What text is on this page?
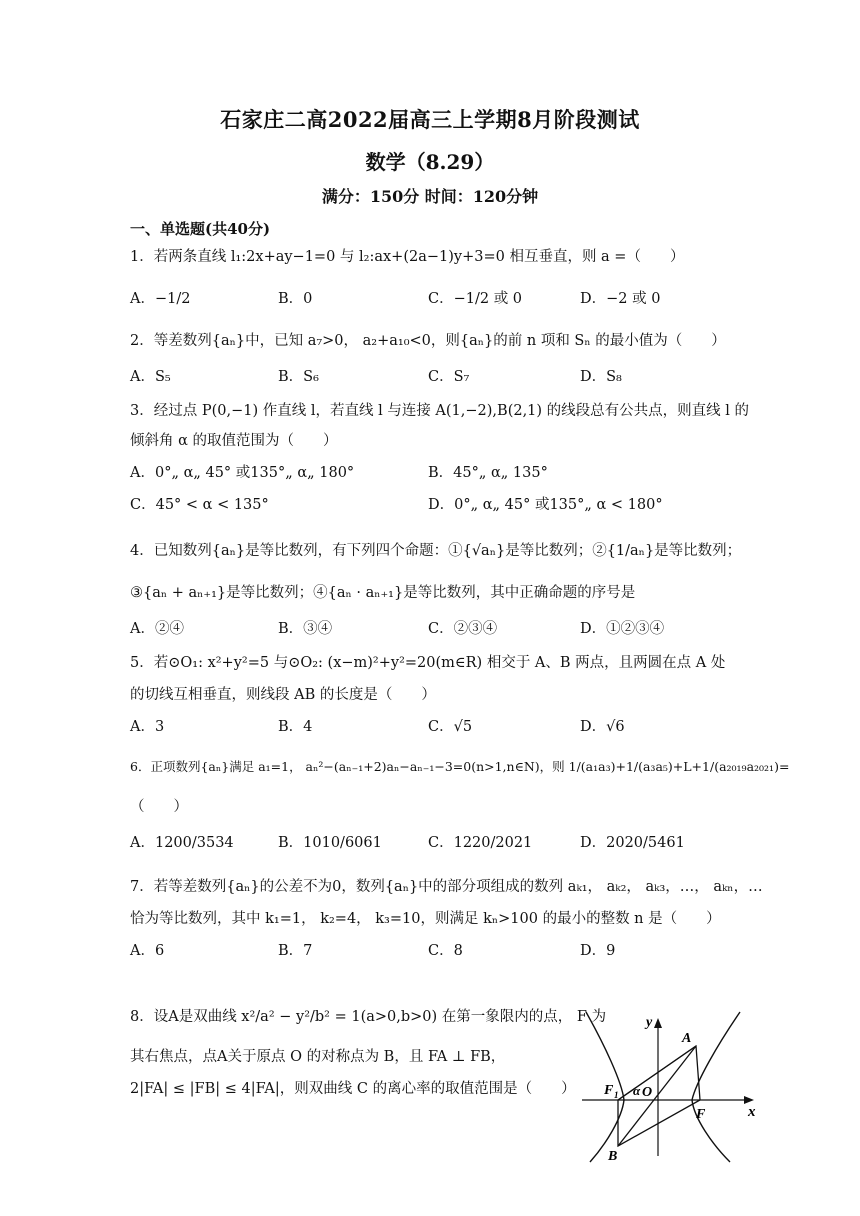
石家庄二高2022届高三上学期8月阶段测试
数学（8.29）
满分：150分 时间：120分钟
一、单选题(共40分)
1．若两条直线 l₁:2x+ay−1=0 与 l₂:ax+(2a−1)y+3=0 相互垂直，则 a =（　　）
A．−1/2	B．0	C．−1/2 或 0	D．−2 或 0
2．等差数列{aₙ}中，已知 a₇>0， a₂+a₁₀<0，则{aₙ}的前 n 项和 Sₙ 的最小值为（　　）
A．S₅	B．S₆	C．S₇	D．S₈
3．经过点 P(0,−1) 作直线 l，若直线 l 与连接 A(1,−2),B(2,1) 的线段总有公共点，则直线 l 的
倾斜角 α 的取值范围为（　　）
A．0°„ α„ 45° 或135°„ α„ 180°	B．45°„ α„ 135°
C．45° < α < 135°	D．0°„ α„ 45° 或135°„ α < 180°
4．已知数列{aₙ}是等比数列，有下列四个命题：①{√aₙ}是等比数列；②{1/aₙ}是等比数列；
③{aₙ + aₙ₊₁}是等比数列；④{aₙ · aₙ₊₁}是等比数列，其中正确命题的序号是
A．②④	B．③④	C．②③④	D．①②③④
5．若⊙O₁: x²+y²=5 与⊙O₂: (x−m)²+y²=20(m∈R) 相交于 A、B 两点，且两圆在点 A 处
的切线互相垂直，则线段 AB 的长度是（　　）
A．3	B．4	C．√5	D．√6
6．正项数列{aₙ}满足 a₁=1， aₙ²−(aₙ₋₁+2)aₙ−aₙ₋₁−3=0(n>1,n∈N)，则 1/(a₁a₃)+1/(a₃a₅)+L+1/(a₂₀₁₉a₂₀₂₁)=
（　　）
A．1200/3534	B．1010/6061	C．1220/2021	D．2020/5461
7．若等差数列{aₙ}的公差不为0，数列{aₙ}中的部分项组成的数列 aₖ₁， aₖ₂， aₖ₃，…， aₖₙ，…
恰为等比数列，其中 k₁=1， k₂=4， k₃=10，则满足 kₙ>100 的最小的整数 n 是（　　）
A．6	B．7	C．8	D．9
8．设A是双曲线 x²/a² − y²/b² = 1(a>0,b>0) 在第一象限内的点， F 为
其右焦点，点A关于原点 O 的对称点为 B，且 FA ⊥ FB，
2|FA| ≤ |FB| ≤ 4|FA|，则双曲线 C 的离心率的取值范围是（　　）
y
x
A
B
F
F 1 α O
